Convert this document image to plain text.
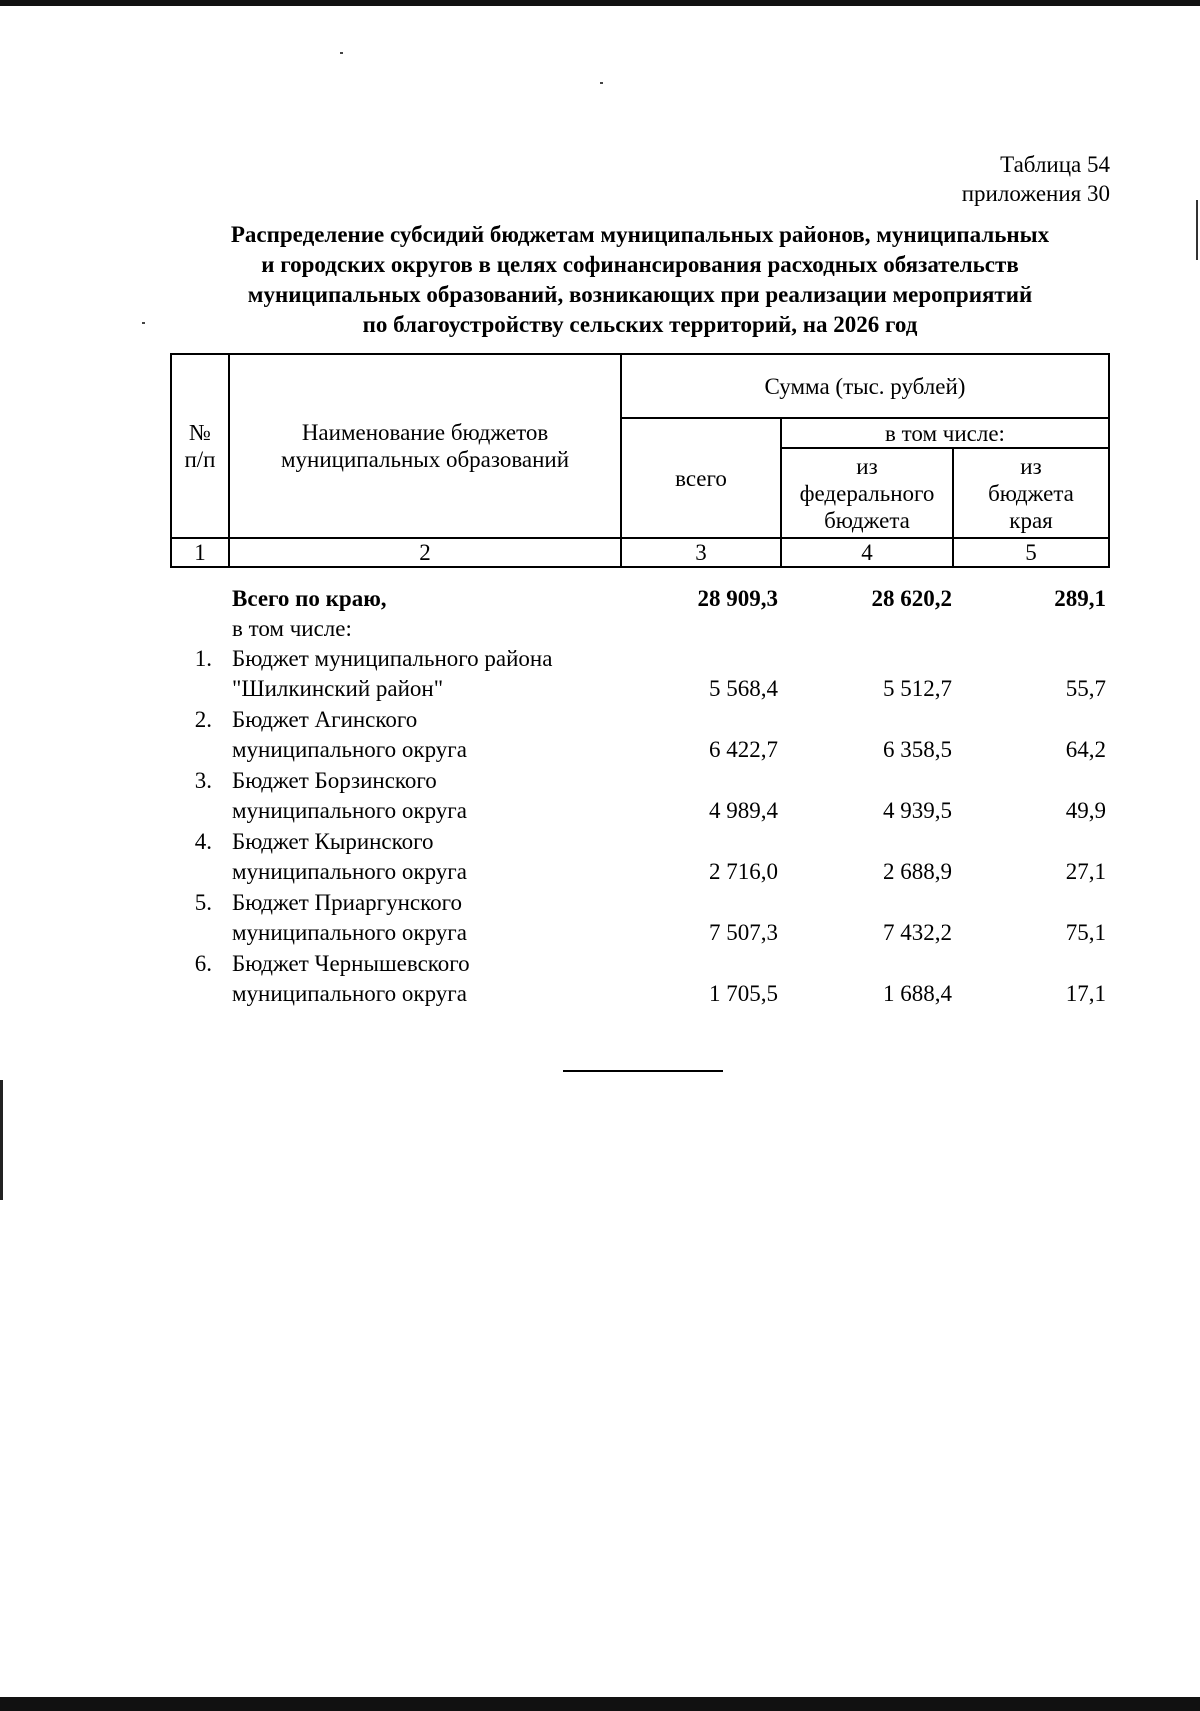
Таблица 54
приложения 30
Распределение субсидий бюджетам муниципальных районов, муниципальных
и городских округов в целях софинансирования расходных обязательств
муниципальных образований, возникающих при реализации мероприятий
по благоустройству сельских территорий, на 2026 год
№ п/п	Наименование бюджетов муниципальных образований	Сумма (тыс. рублей)		
		всего	в том числе:	

			из федерального бюджета	из бюджета края

1	2	3	4	5
Всего по краю,	28 909,3	28 620,2	289,1
в том числе:
1. Бюджет муниципального района
"Шилкинский район"	5 568,4	5 512,7	55,7
2. Бюджет Агинского
муниципального округа	6 422,7	6 358,5	64,2
3. Бюджет Борзинского
муниципального округа	4 989,4	4 939,5	49,9
4. Бюджет Кыринского
муниципального округа	2 716,0	2 688,9	27,1
5. Бюджет Приаргунского
муниципального округа	7 507,3	7 432,2	75,1
6. Бюджет Чернышевского
муниципального округа	1 705,5	1 688,4	17,1
